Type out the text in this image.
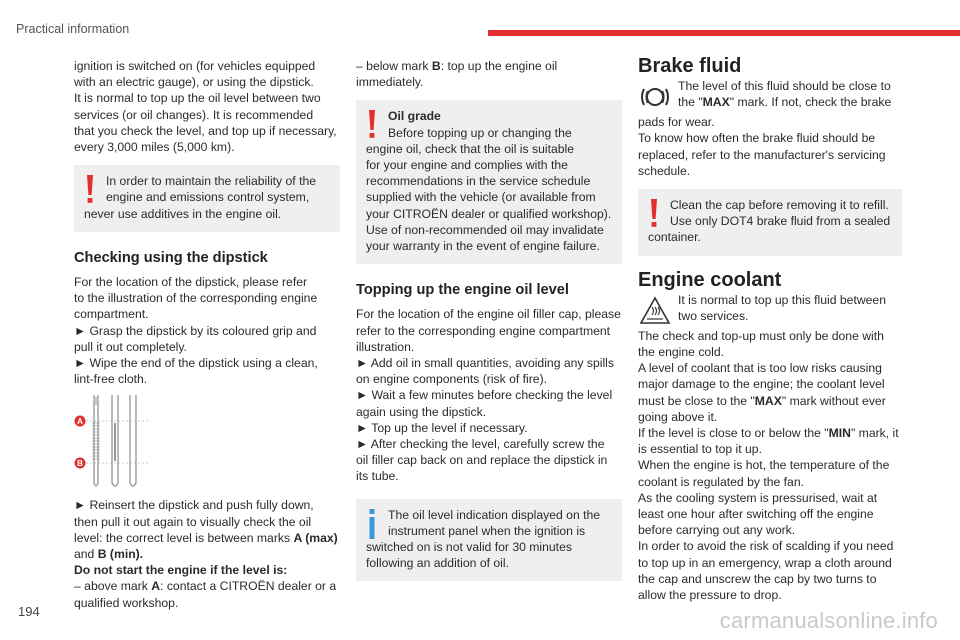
Practical information

ignition is switched on (for vehicles equipped

with an electric gauge), or using the dipstick.

It is normal to top up the oil level between two

services (or oil changes). It is recommended

that you check the level, and top up if necessary,

every 3,000 miles (5,000 km).

In order to maintain the reliability of the

engine and emissions control system,

never use additives in the engine oil.

Checking using the dipstick

For the location of the dipstick, please refer

to the illustration of the corresponding engine

compartment.

► Grasp the dipstick by its coloured grip and

pull it out completely.

► Wipe the end of the dipstick using a clean,

lint-free cloth.

A
B

► Reinsert the dipstick and push fully down,

then pull it out again to visually check the oil

level: the correct level is between marks A (max)

and B (min).

Do not start the engine if the level is:

– above mark A: contact a CITROËN dealer or a

qualified workshop.

– below mark B: top up the engine oil

immediately.

Oil grade

Before topping up or changing the

engine oil, check that the oil is suitable

for your engine and complies with the

recommendations in the service schedule

supplied with the vehicle (or available from

your CITROËN dealer or qualified workshop).

Use of non-recommended oil may invalidate

your warranty in the event of engine failure.

Topping up the engine oil level

For the location of the engine oil filler cap, please

refer to the corresponding engine compartment

illustration.

► Add oil in small quantities, avoiding any spills

on engine components (risk of fire).

► Wait a few minutes before checking the level

again using the dipstick.

► Top up the level if necessary.

► After checking the level, carefully screw the

oil filler cap back on and replace the dipstick in

its tube.

The oil level indication displayed on the

instrument panel when the ignition is

switched on is not valid for 30 minutes

following an addition of oil.

Brake fluid

The level of this fluid should be close to

the "MAX" mark. If not, check the brake

pads for wear.

To know how often the brake fluid should be

replaced, refer to the manufacturer's servicing

schedule.

Clean the cap before removing it to refill.

Use only DOT4 brake fluid from a sealed

container.

Engine coolant

It is normal to top up this fluid between

two services.

The check and top-up must only be done with

the engine cold.

A level of coolant that is too low risks causing

major damage to the engine; the coolant level

must be close to the "MAX" mark without ever

going above it.

If the level is close to or below the "MIN" mark, it

is essential to top it up.

When the engine is hot, the temperature of the

coolant is regulated by the fan.

As the cooling system is pressurised, wait at

least one hour after switching off the engine

before carrying out any work.

In order to avoid the risk of scalding if you need

to top up in an emergency, wrap a cloth around

the cap and unscrew the cap by two turns to

allow the pressure to drop.

194	carmanualsonline.info
